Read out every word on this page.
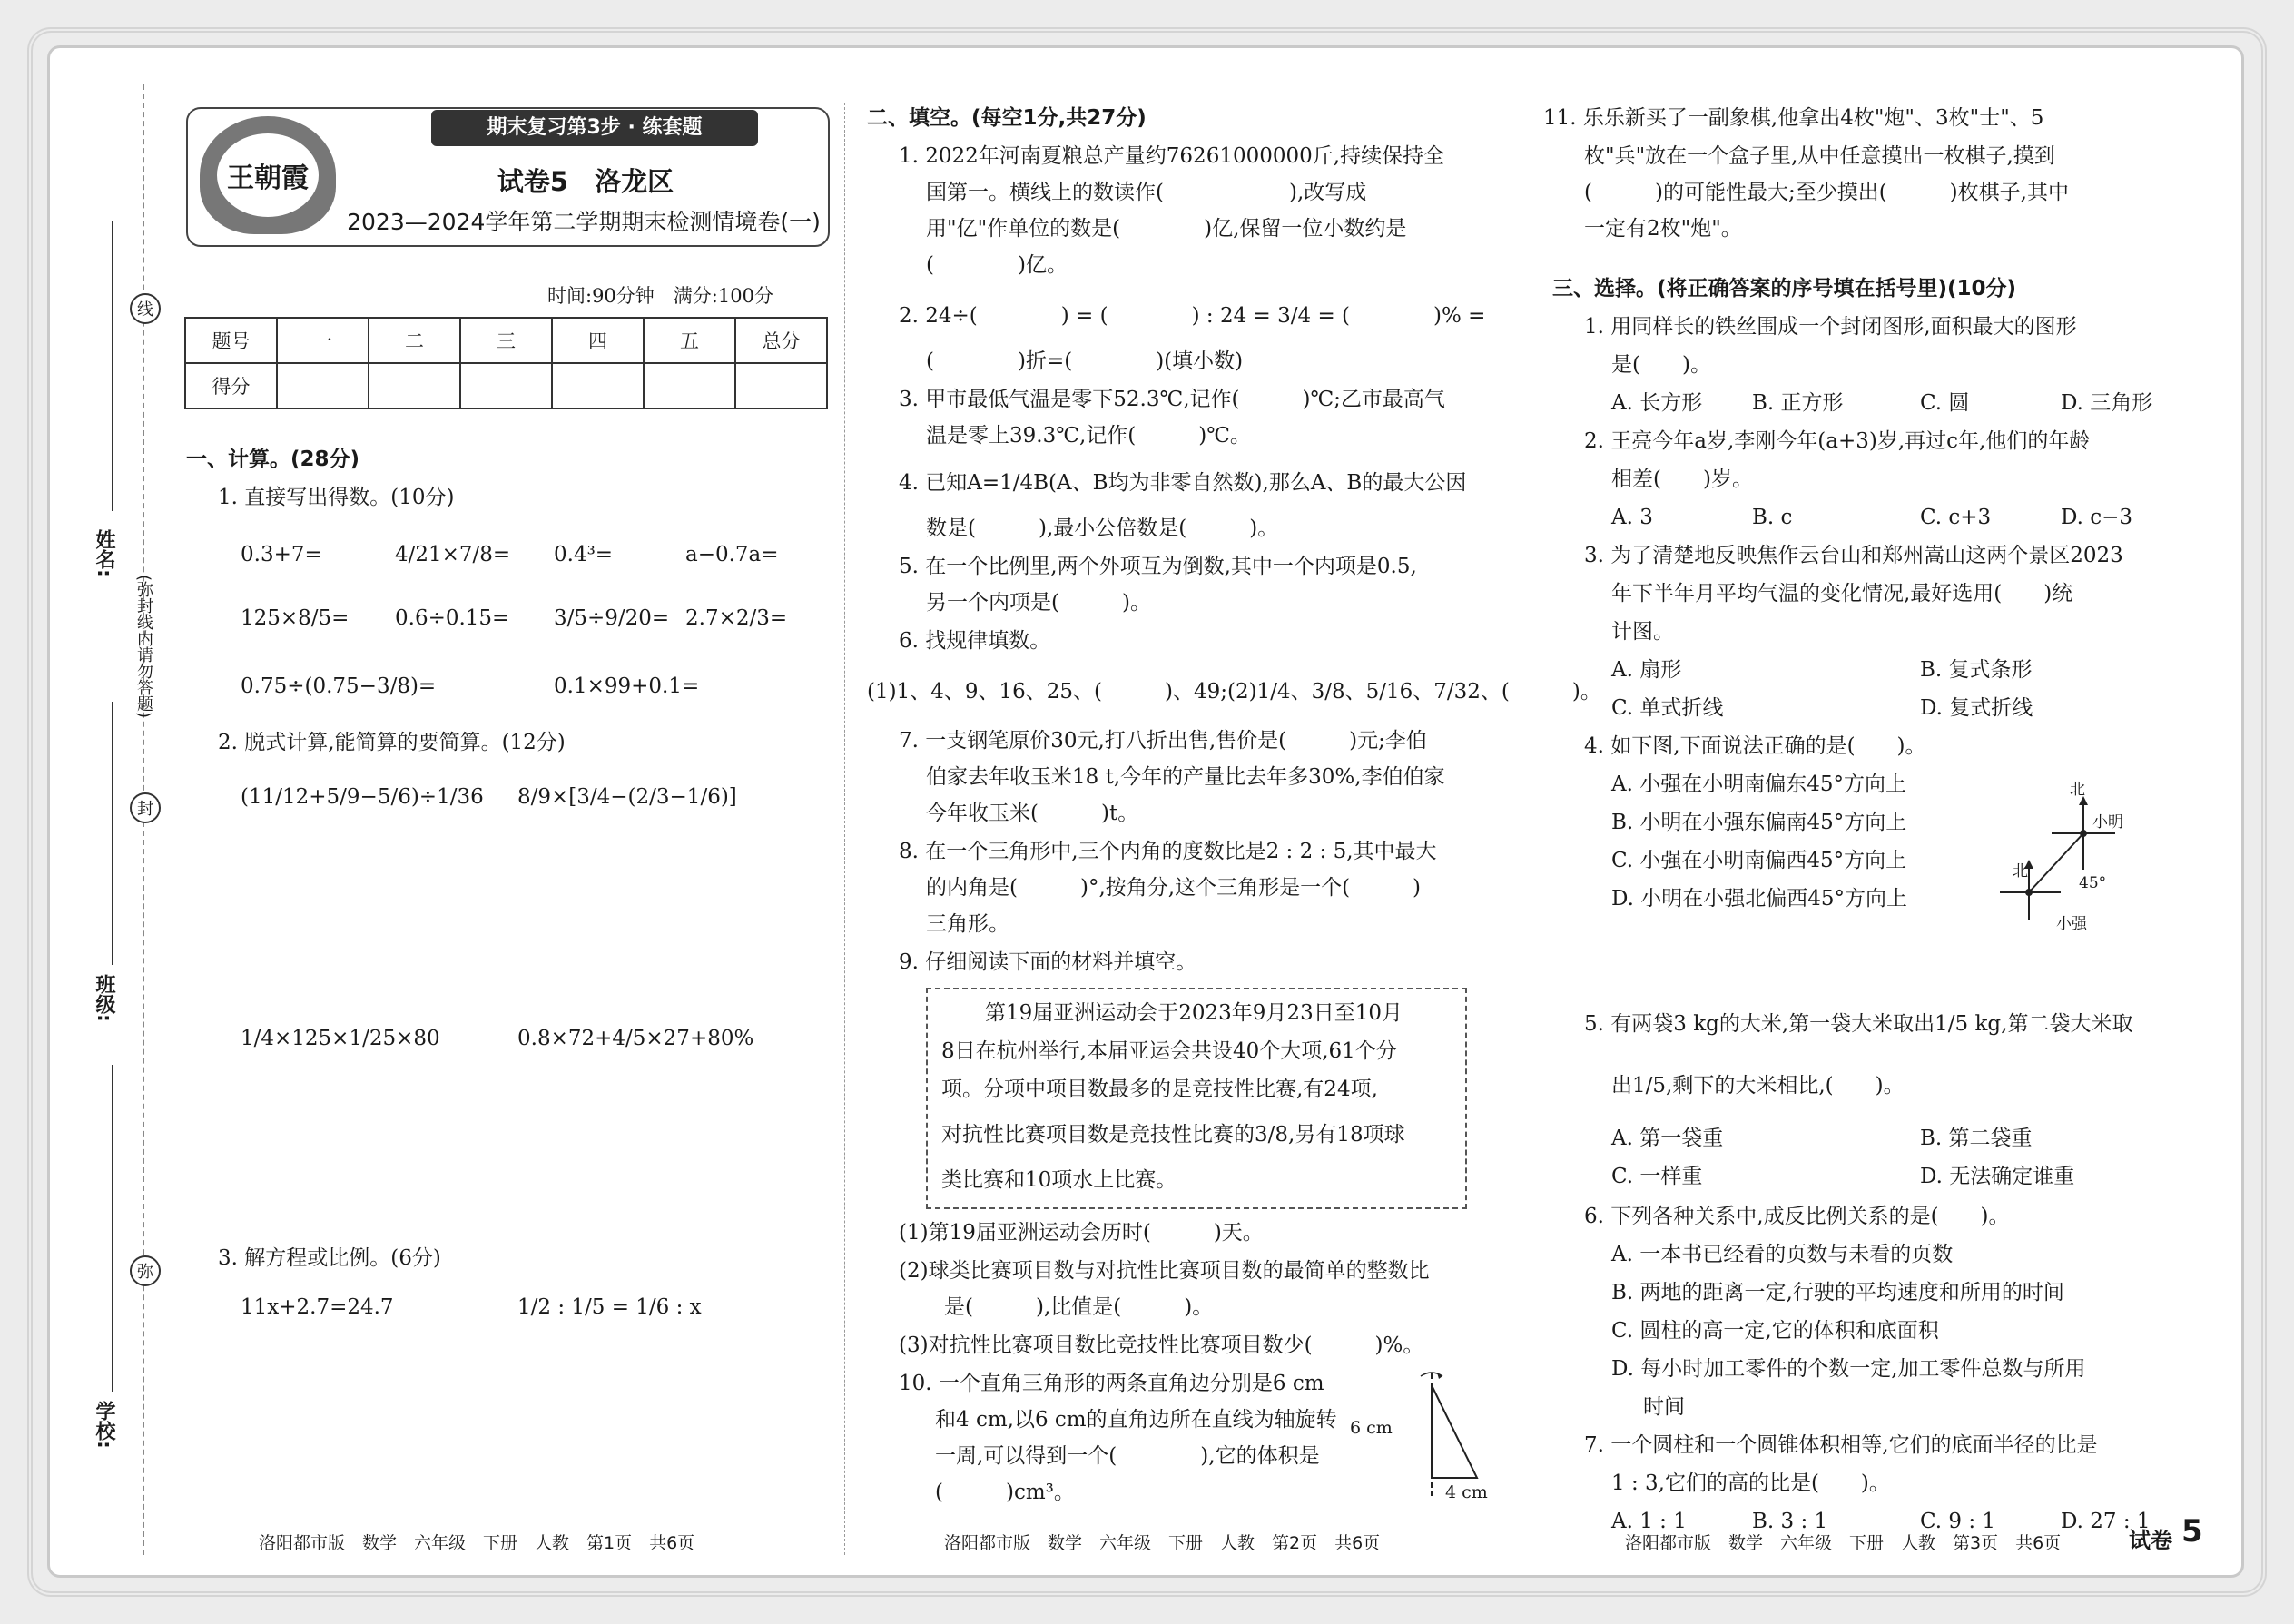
姓名:
班级:
学校:
线
(弥封线内请勿答题)
封
弥
王朝霞
期末复习第3步 · 练套题
试卷5　洛龙区
2023—2024学年第二学期期末检测情境卷(一)
时间:90分钟　满分:100分
题号	一	二	三	四	五	总分
得分						
一、计算。(28分)
1. 直接写出得数。(10分)
0.3+7=	4/21×7/8= 0.4³=	a−0.7a=
125×8/5= 0.6÷0.15= 3/5÷9/20= 2.7×2/3=
0.75÷(0.75−3/8)=	0.1×99+0.1=
2. 脱式计算,能简算的要简算。(12分)
(11/12+5/9−5/6)÷1/36 8/9×[3/4−(2/3−1/6)]
1/4×125×1/25×80	0.8×72+4/5×27+80%
3. 解方程或比例。(6分)
11x+2.7=24.7	1/2 : 1/5 = 1/6 : x
二、填空。(每空1分,共27分)
1. 2022年河南夏粮总产量约76261000000斤,持续保持全
国第一。横线上的数读作(　　　　　　),改写成
用"亿"作单位的数是(　　　　)亿,保留一位小数约是
(　　　　)亿。
2. 24÷(　　　　) = (　　　　) : 24 = 3/4 = (　　　　)% =
(　　　　)折=(　　　　)(填小数)
3. 甲市最低气温是零下52.3℃,记作(　　　)℃;乙市最高气
温是零上39.3℃,记作(　　　)℃。
4. 已知A=1/4B(A、B均为非零自然数),那么A、B的最大公因
数是(　　　),最小公倍数是(　　　)。
5. 在一个比例里,两个外项互为倒数,其中一个内项是0.5,
另一个内项是(　　　)。
6. 找规律填数。
(1)1、4、9、16、25、(　　　)、49;(2)1/4、3/8、5/16、7/32、(　　　)。
7. 一支钢笔原价30元,打八折出售,售价是(　　　)元;李伯
伯家去年收玉米18 t,今年的产量比去年多30%,李伯伯家
今年收玉米(　　　)t。
8. 在一个三角形中,三个内角的度数比是2 : 2 : 5,其中最大
的内角是(　　　)°,按角分,这个三角形是一个(　　　)
三角形。
9. 仔细阅读下面的材料并填空。
第19届亚洲运动会于2023年9月23日至10月
8日在杭州举行,本届亚运会共设40个大项,61个分
项。分项中项目数最多的是竞技性比赛,有24项,
对抗性比赛项目数是竞技性比赛的3/8,另有18项球
类比赛和10项水上比赛。
(1)第19届亚洲运动会历时(　　　)天。
(2)球类比赛项目数与对抗性比赛项目数的最简单的整数比
是(　　　),比值是(　　　)。
(3)对抗性比赛项目数比竞技性比赛项目数少(　　　)%。
10. 一个直角三角形的两条直角边分别是6 cm
和4 cm,以6 cm的直角边所在直线为轴旋转
一周,可以得到一个(　　　　),它的体积是
(　　　)cm³。
6 cm
4 cm
11. 乐乐新买了一副象棋,他拿出4枚"炮"、3枚"士"、5
枚"兵"放在一个盒子里,从中任意摸出一枚棋子,摸到
(　　　)的可能性最大;至少摸出(　　　)枚棋子,其中
一定有2枚"炮"。
三、选择。(将正确答案的序号填在括号里)(10分)
1. 用同样长的铁丝围成一个封闭图形,面积最大的图形
是(　　)。
A. 长方形 B. 正方形	C. 圆	D. 三角形
2. 王亮今年a岁,李刚今年(a+3)岁,再过c年,他们的年龄
相差(　　)岁。
A. 3	B. c	C. c+3	D. c−3
3. 为了清楚地反映焦作云台山和郑州嵩山这两个景区2023
年下半年月平均气温的变化情况,最好选用(　　)统
计图。
A. 扇形	B. 复式条形
C. 单式折线	D. 复式折线
4. 如下图,下面说法正确的是(　　)。
A. 小强在小明南偏东45°方向上
B. 小明在小强东偏南45°方向上
C. 小强在小明南偏西45°方向上
D. 小明在小强北偏西45°方向上
北
小明
北
45°
小强
5. 有两袋3 kg的大米,第一袋大米取出1/5 kg,第二袋大米取
出1/5,剩下的大米相比,(　　)。
A. 第一袋重	B. 第二袋重
C. 一样重	D. 无法确定谁重
6. 下列各种关系中,成反比例关系的是(　　)。
A. 一本书已经看的页数与未看的页数
B. 两地的距离一定,行驶的平均速度和所用的时间
C. 圆柱的高一定,它的体积和底面积
D. 每小时加工零件的个数一定,加工零件总数与所用
时间
7. 一个圆柱和一个圆锥体积相等,它们的底面半径的比是
1 : 3,它们的高的比是(　　)。
A. 1 : 1	B. 3 : 1	C. 9 : 1	D. 27 : 1
洛阳都市版　数学　六年级　下册　人教　第1页　共6页	洛阳都市版　数学　六年级　下册　人教　第2页　共6页	洛阳都市版　数学　六年级　下册　人教　第3页　共6页	试卷 5
